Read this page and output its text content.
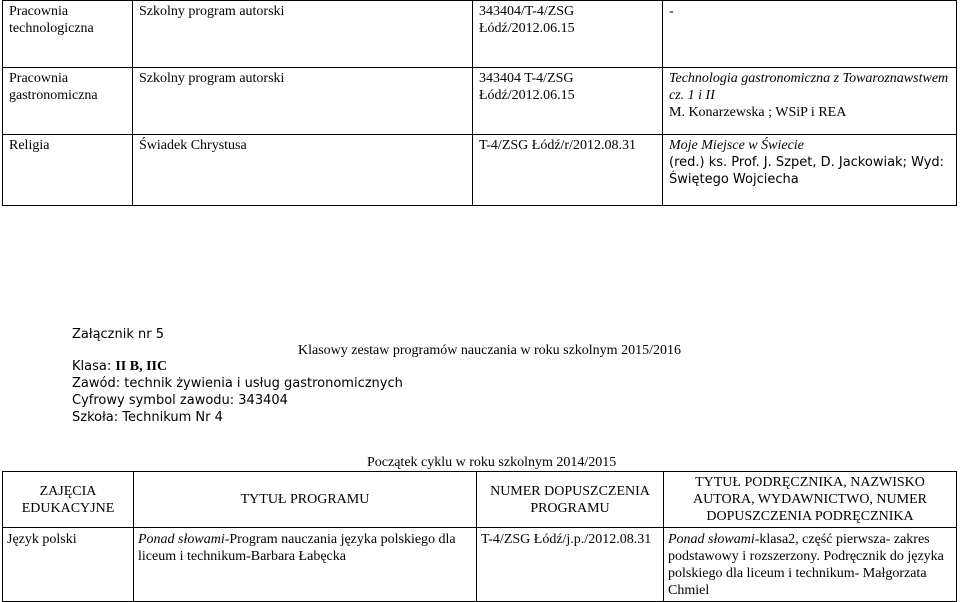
Pracownia technologiczna	Szkolny program autorski	343404/T-4/ZSG Łódź/2012.06.15	-

Pracownia gastronomiczna	Szkolny program autorski	343404 T-4/ZSG Łódź/2012.06.15	Technologia gastronomiczna z Towaroznawstwem cz. 1 i II
M. Konarzewska ; WSiP i REA

Religia	Świadek Chrystusa	T-4/ZSG Łódź/r/2012.08.31	Moje Miejsce w Świecie
(red.) ks. Prof. J. Szpet, D. Jackowiak; Wyd: Świętego Wojciecha
Załącznik nr 5
Klasowy zestaw programów nauczania w roku szkolnym 2015/2016
Klasa: II B, IIC
Zawód: technik żywienia i usług gastronomicznych
Cyfrowy symbol zawodu: 343404
Szkoła: Technikum Nr 4
Początek cyklu w roku szkolnym 2014/2015
ZAJĘCIA EDUKACYJNE	TYTUŁ PROGRAMU	NUMER DOPUSZCZENIA PROGRAMU	TYTUŁ PODRĘCZNIKA, NAZWISKO AUTORA, WYDAWNICTWO, NUMER DOPUSZCZENIA PODRĘCZNIKA
Język polski	Ponad słowami-Program nauczania języka polskiego dla liceum i technikum-Barbara Łabęcka	T-4/ZSG Łódź/j.p./2012.08.31	Ponad słowami-klasa2, część pierwsza- zakres podstawowy i rozszerzony. Podręcznik do języka polskiego dla liceum i technikum- Małgorzata Chmiel
